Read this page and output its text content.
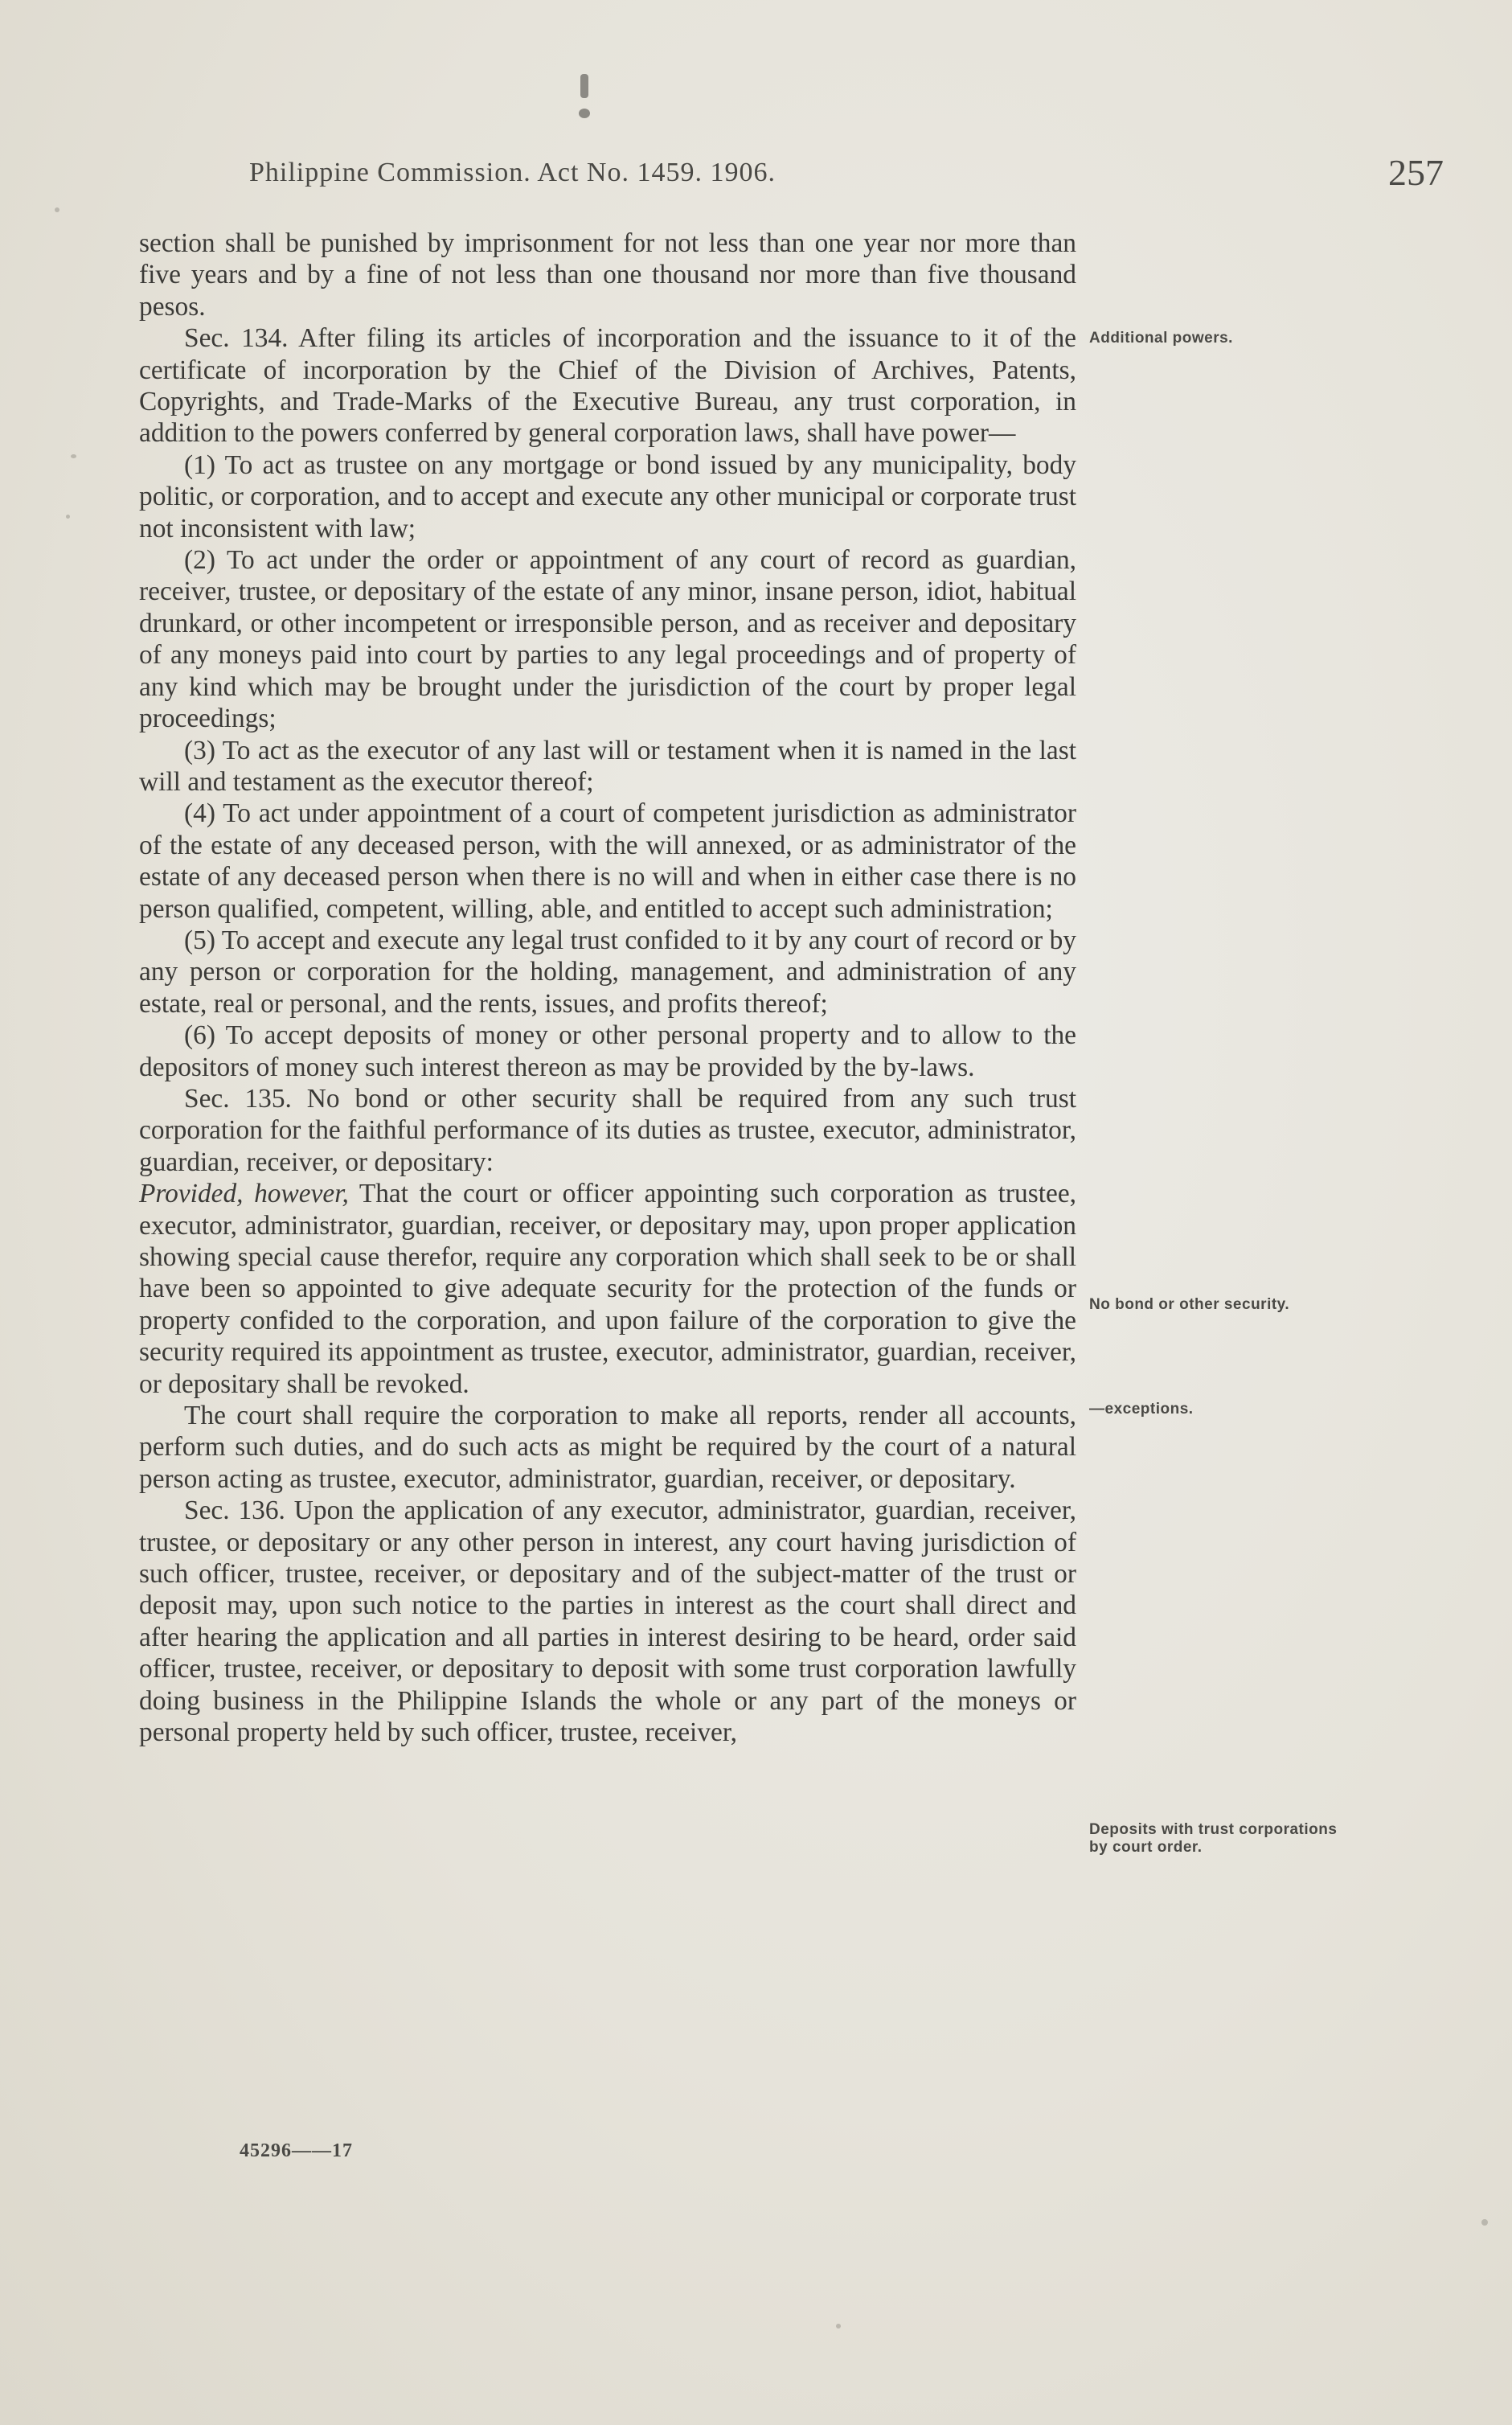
Philippine Commission. Act No. 1459. 1906.	257

section shall be punished by imprisonment for not less than one year nor more than five years and by a fine of not less than one thousand nor more than five thousand pesos.

Sec. 134. After filing its articles of incorporation and the issuance to it of the certificate of incorporation by the Chief of the Division of Archives, Patents, Copyrights, and Trade-Marks of the Executive Bureau, any trust corporation, in addition to the powers conferred by general corporation laws, shall have power—

(1) To act as trustee on any mortgage or bond issued by any municipality, body politic, or corporation, and to accept and execute any other municipal or corporate trust not inconsistent with law;

(2) To act under the order or appointment of any court of record as guardian, receiver, trustee, or depositary of the estate of any minor, insane person, idiot, habitual drunkard, or other incompetent or irresponsible person, and as receiver and depositary of any moneys paid into court by parties to any legal proceedings and of property of any kind which may be brought under the jurisdiction of the court by proper legal proceedings;

(3) To act as the executor of any last will or testament when it is named in the last will and testament as the executor thereof;

(4) To act under appointment of a court of competent jurisdiction as administrator of the estate of any deceased person, with the will annexed, or as administrator of the estate of any deceased person when there is no will and when in either case there is no person qualified, competent, willing, able, and entitled to accept such administration;

(5) To accept and execute any legal trust confided to it by any court of record or by any person or corporation for the holding, management, and administration of any estate, real or personal, and the rents, issues, and profits thereof;

(6) To accept deposits of money or other personal property and to allow to the depositors of money such interest thereon as may be provided by the by-laws.

Sec. 135. No bond or other security shall be required from any such trust corporation for the faithful performance of its duties as trustee, executor, administrator, guardian, receiver, or depositary:

Provided, however, That the court or officer appointing such corporation as trustee, executor, administrator, guardian, receiver, or depositary may, upon proper application showing special cause therefor, require any corporation which shall seek to be or shall have been so appointed to give adequate security for the protection of the funds or property confided to the corporation, and upon failure of the corporation to give the security required its appointment as trustee, executor, administrator, guardian, receiver, or depositary shall be revoked.

The court shall require the corporation to make all reports, render all accounts, perform such duties, and do such acts as might be required by the court of a natural person acting as trustee, executor, administrator, guardian, receiver, or depositary.

Sec. 136. Upon the application of any executor, administrator, guardian, receiver, trustee, or depositary or any other person in interest, any court having jurisdiction of such officer, trustee, receiver, or depositary and of the subject-matter of the trust or deposit may, upon such notice to the parties in interest as the court shall direct and after hearing the application and all parties in interest desiring to be heard, order said officer, trustee, receiver, or depositary to deposit with some trust corporation lawfully doing business in the Philippine Islands the whole or any part of the moneys or personal property held by such officer, trustee, receiver,

Additional powers.
No bond or other security.
—exceptions.
Deposits with trust corporations by court order.
45296——17
